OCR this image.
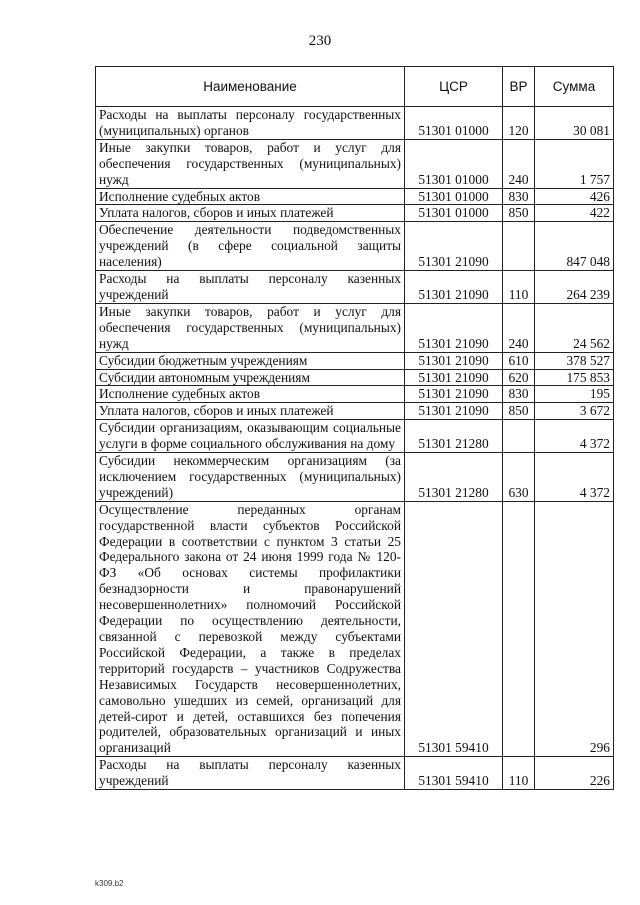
230
Наименование	ЦСР	ВР	Сумма
Расходы на выплаты персоналу государственных (муниципальных) органов	51301 01000	120	30 081
Иные закупки товаров, работ и услуг для обеспечения государственных (муниципальных) нужд	51301 01000	240	1 757
Исполнение судебных актов	51301 01000	830	426
Уплата налогов, сборов и иных платежей	51301 01000	850	422
Обеспечение деятельности подведомственных учреждений (в сфере социальной защиты населения)	51301 21090		847 048
Расходы на выплаты персоналу казенных учреждений	51301 21090	110	264 239
Иные закупки товаров, работ и услуг для обеспечения государственных (муниципальных) нужд	51301 21090	240	24 562
Субсидии бюджетным учреждениям	51301 21090	610	378 527
Субсидии автономным учреждениям	51301 21090	620	175 853
Исполнение судебных актов	51301 21090	830	195
Уплата налогов, сборов и иных платежей	51301 21090	850	3 672
Субсидии организациям, оказывающим социальные услуги в форме социального обслуживания на дому	51301 21280		4 372
Субсидии некоммерческим организациям (за исключением государственных (муниципальных) учреждений)	51301 21280	630	4 372
Осуществление переданных органам государственной власти субъектов Российской Федерации в соответствии с пунктом 3 статьи 25 Федерального закона от 24 июня 1999 года № 120-ФЗ «Об основах системы профилактики безнадзорности и правонарушений несовершеннолетних» полномочий Российской Федерации по осуществлению деятельности, связанной с перевозкой между субъектами Российской Федерации, а также в пределах территорий государств – участников Содружества Независимых Государств несовершеннолетних, самовольно ушедших из семей, организаций для детей-сирот и детей, оставшихся без попечения родителей, образовательных организаций и иных организаций	51301 59410		296
Расходы на выплаты персоналу казенных учреждений	51301 59410	110	226
k309.b2
